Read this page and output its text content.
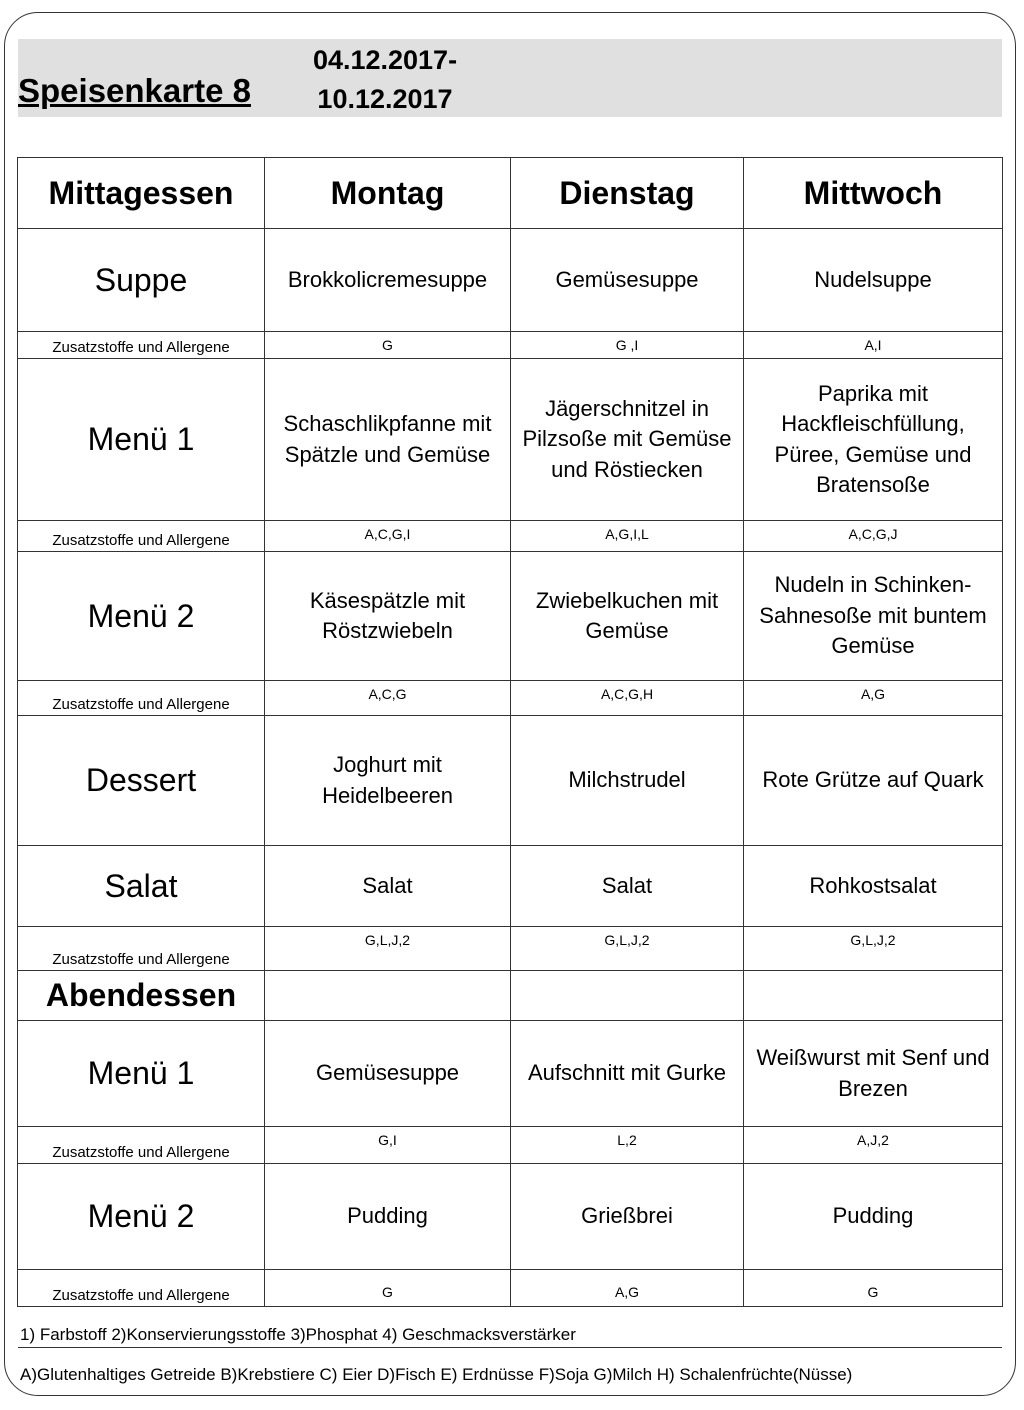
Speisenkarte 8
04.12.2017-
10.12.2017
Mittagessen	Montag	Dienstag	Mittwoch
Suppe	Brokkolicremesuppe	Gemüsesuppe	Nudelsuppe
Zusatzstoffe und Allergene	G	G ,I	A,I
Menü 1	Schaschlikpfanne mit Spätzle und Gemüse	Jägerschnitzel in Pilzsoße mit Gemüse und Röstiecken	Paprika mit Hackfleischfüllung, Püree, Gemüse und Bratensoße
Zusatzstoffe und Allergene	A,C,G,I	A,G,I,L	A,C,G,J
Menü 2	Käsespätzle mit Röstzwiebeln	Zwiebelkuchen mit Gemüse	Nudeln in Schinken-Sahnesoße mit buntem Gemüse
Zusatzstoffe und Allergene	A,C,G	A,C,G,H	A,G
Dessert	Joghurt mit Heidelbeeren	Milchstrudel	Rote Grütze auf Quark
Salat	Salat	Salat	Rohkostsalat
Zusatzstoffe und Allergene	G,L,J,2	G,L,J,2	G,L,J,2
Abendessen			
Menü 1	Gemüsesuppe	Aufschnitt mit Gurke	Weißwurst mit Senf und Brezen
Zusatzstoffe und Allergene	G,I	L,2	A,J,2
Menü 2	Pudding	Grießbrei	Pudding
Zusatzstoffe und Allergene	G	A,G	G
1) Farbstoff 2)Konservierungsstoffe 3)Phosphat 4) Geschmacksverstärker
A)Glutenhaltiges Getreide B)Krebstiere C) Eier D)Fisch E) Erdnüsse F)Soja G)Milch H) Schalenfrüchte(Nüsse)
